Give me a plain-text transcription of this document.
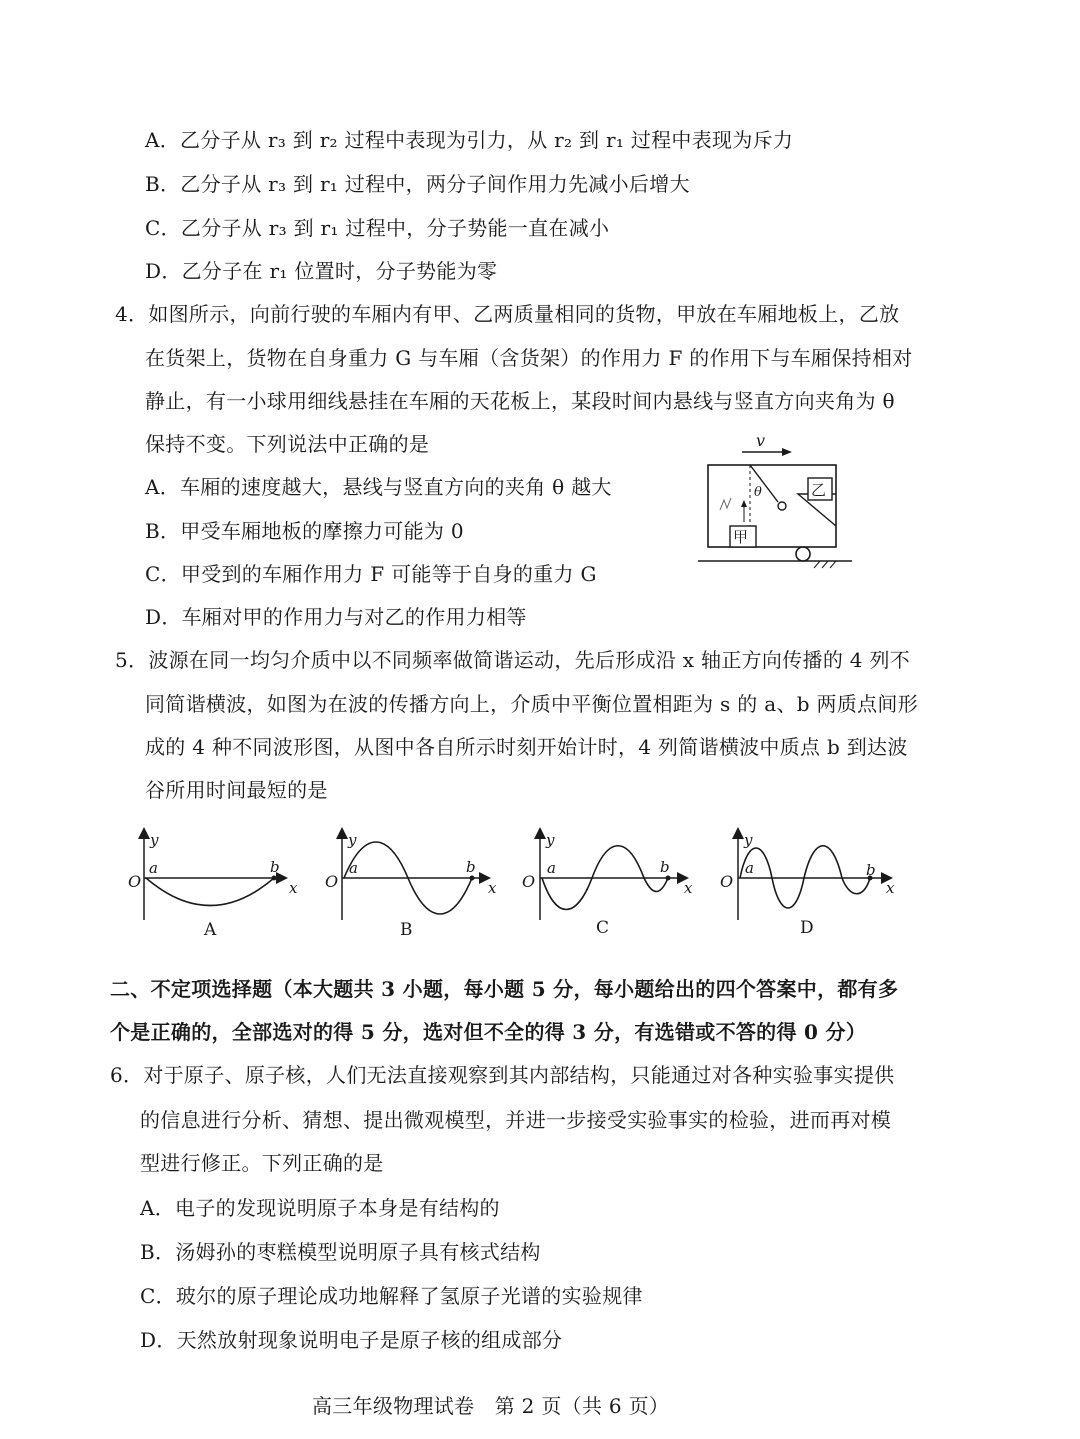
A．乙分子从 r₃ 到 r₂ 过程中表现为引力，从 r₂ 到 r₁ 过程中表现为斥力
B．乙分子从 r₃ 到 r₁ 过程中，两分子间作用力先减小后增大
C．乙分子从 r₃ 到 r₁ 过程中，分子势能一直在减小
D．乙分子在 r₁ 位置时，分子势能为零
4．如图所示，向前行驶的车厢内有甲、乙两质量相同的货物，甲放在车厢地板上，乙放
在货架上，货物在自身重力 G 与车厢（含货架）的作用力 F 的作用下与车厢保持相对
静止，有一小球用细线悬挂在车厢的天花板上，某段时间内悬线与竖直方向夹角为 θ
保持不变。下列说法中正确的是
A．车厢的速度越大，悬线与竖直方向的夹角 θ 越大
B．甲受车厢地板的摩擦力可能为 0
C．甲受到的车厢作用力 F 可能等于自身的重力 G
D．车厢对甲的作用力与对乙的作用力相等
v
θ	乙
甲
5．波源在同一均匀介质中以不同频率做简谐运动，先后形成沿 x 轴正方向传播的 4 列不
同简谐横波，如图为在波的传播方向上，介质中平衡位置相距为 s 的 a、b 两质点间形
成的 4 种不同波形图，从图中各自所示时刻开始计时，4 列简谐横波中质点 b 到达波
谷所用时间最短的是
y
O
a	b
x
A
y
O
a	b
x
B
y
O
a	b
x
C
y
O
a	b
x
D
二、不定项选择题（本大题共 3 小题，每小题 5 分，每小题给出的四个答案中，都有多
个是正确的，全部选对的得 5 分，选对但不全的得 3 分，有选错或不答的得 0 分）
6．对于原子、原子核，人们无法直接观察到其内部结构，只能通过对各种实验事实提供
的信息进行分析、猜想、提出微观模型，并进一步接受实验事实的检验，进而再对模
型进行修正。下列正确的是
A．电子的发现说明原子本身是有结构的
B．汤姆孙的枣糕模型说明原子具有核式结构
C．玻尔的原子理论成功地解释了氢原子光谱的实验规律
D．天然放射现象说明电子是原子核的组成部分
高三年级物理试卷　第 2 页（共 6 页）
